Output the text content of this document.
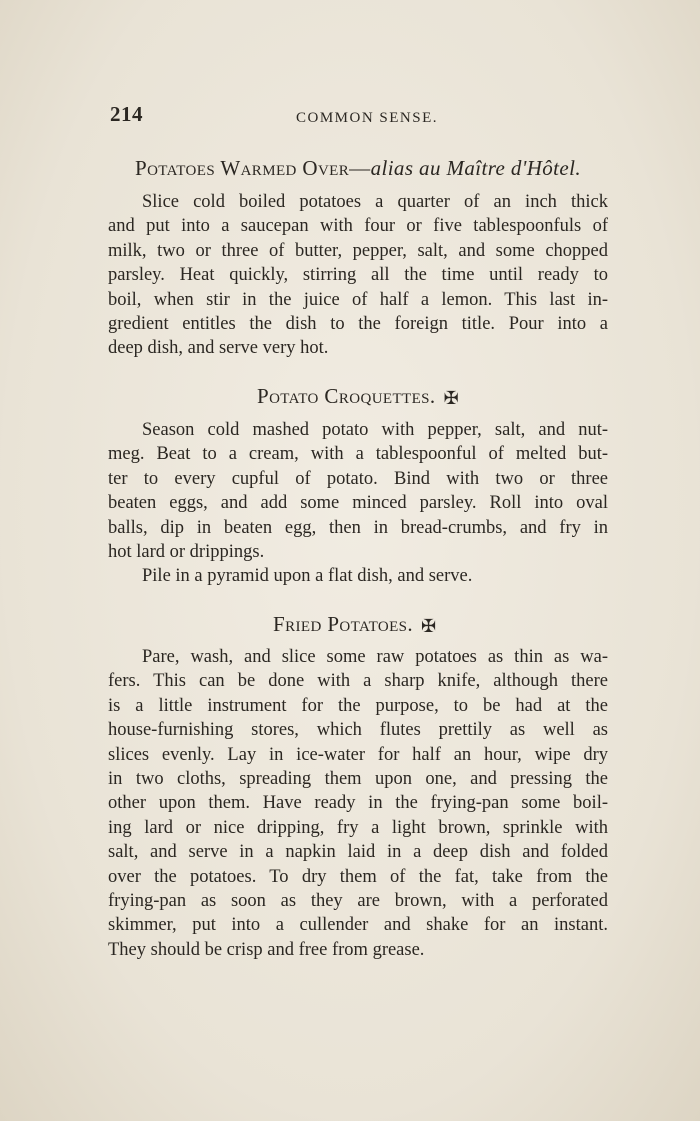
214	COMMON SENSE.
Potatoes Warmed Over—alias au Maître d'Hôtel.
Slice cold boiled potatoes a quarter of an inch thick
and put into a saucepan with four or five tablespoonfuls of
milk, two or three of butter, pepper, salt, and some chopped
parsley. Heat quickly, stirring all the time until ready to
boil, when stir in the juice of half a lemon. This last in-
gredient entitles the dish to the foreign title. Pour into a
deep dish, and serve very hot.
Potato Croquettes. ✠
Season cold mashed potato with pepper, salt, and nut-
meg. Beat to a cream, with a tablespoonful of melted but-
ter to every cupful of potato. Bind with two or three
beaten eggs, and add some minced parsley. Roll into oval
balls, dip in beaten egg, then in bread-crumbs, and fry in
hot lard or drippings.
Pile in a pyramid upon a flat dish, and serve.
Fried Potatoes. ✠
Pare, wash, and slice some raw potatoes as thin as wa-
fers. This can be done with a sharp knife, although there
is a little instrument for the purpose, to be had at the
house-furnishing stores, which flutes prettily as well as
slices evenly. Lay in ice-water for half an hour, wipe dry
in two cloths, spreading them upon one, and pressing the
other upon them. Have ready in the frying-pan some boil-
ing lard or nice dripping, fry a light brown, sprinkle with
salt, and serve in a napkin laid in a deep dish and folded
over the potatoes. To dry them of the fat, take from the
frying-pan as soon as they are brown, with a perforated
skimmer, put into a cullender and shake for an instant.
They should be crisp and free from grease.
